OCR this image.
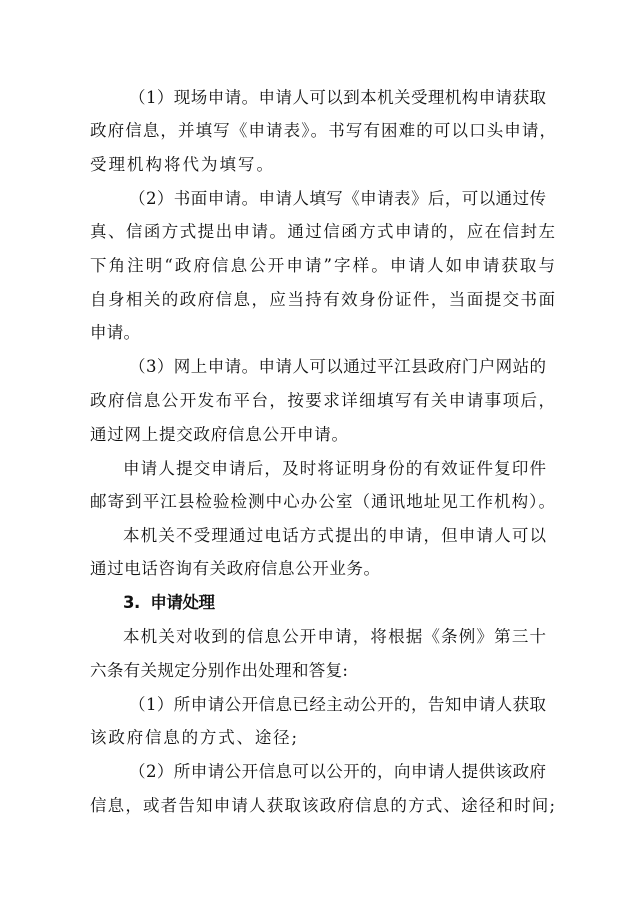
（1）现场申请。申请人可以到本机关受理机构申请获取
政府信息，并填写《申请表》。书写有困难的可以口头申请，
受理机构将代为填写。
（2）书面申请。申请人填写《申请表》后，可以通过传
真、信函方式提出申请。通过信函方式申请的，应在信封左
下角注明“政府信息公开申请”字样。申请人如申请获取与
自身相关的政府信息，应当持有效身份证件，当面提交书面
申请。
（3）网上申请。申请人可以通过平江县政府门户网站的
政府信息公开发布平台，按要求详细填写有关申请事项后，
通过网上提交政府信息公开申请。
申请人提交申请后，及时将证明身份的有效证件复印件
邮寄到平江县检验检测中心办公室（通讯地址见工作机构）。
本机关不受理通过电话方式提出的申请，但申请人可以
通过电话咨询有关政府信息公开业务。
3.  申请处理
本机关对收到的信息公开申请，将根据《条例》第三十
六条有关规定分别作出处理和答复:
（1）所申请公开信息已经主动公开的，告知申请人获取
该政府信息的方式、途径;
（2）所申请公开信息可以公开的，向申请人提供该政府
信息，或者告知申请人获取该政府信息的方式、途径和时间;
